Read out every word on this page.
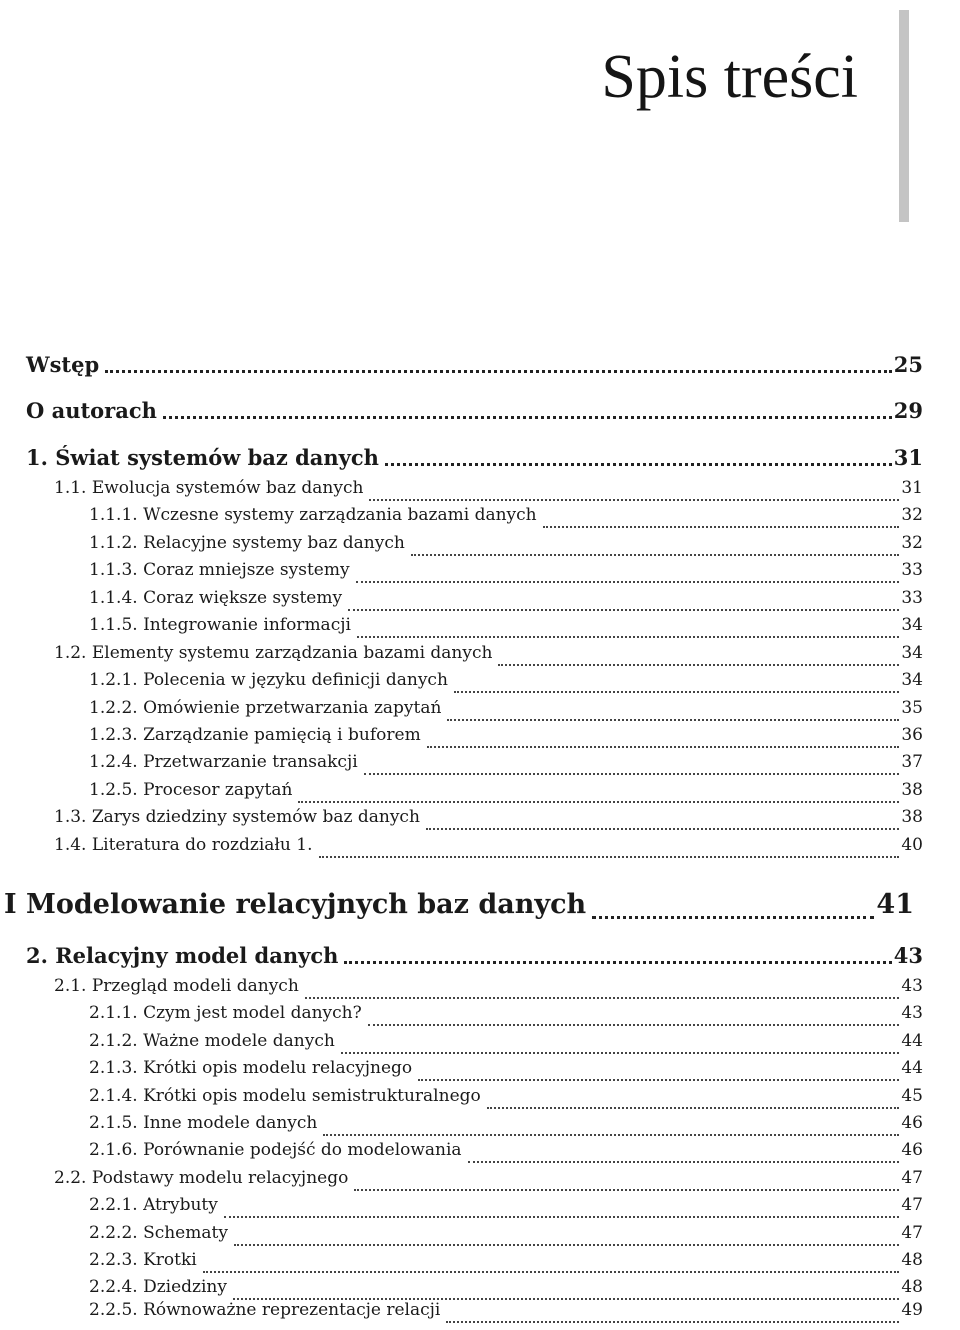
Spis treści
Wstęp	25
O autorach	29
1. Świat systemów baz danych	31
1.1. Ewolucja systemów baz danych	31
1.1.1. Wczesne systemy zarządzania bazami danych	32
1.1.2. Relacyjne systemy baz danych	32
1.1.3. Coraz mniejsze systemy	33
1.1.4. Coraz większe systemy	33
1.1.5. Integrowanie informacji	34
1.2. Elementy systemu zarządzania bazami danych	34
1.2.1. Polecenia w języku definicji danych	34
1.2.2. Omówienie przetwarzania zapytań	35
1.2.3. Zarządzanie pamięcią i buforem	36
1.2.4. Przetwarzanie transakcji	37
1.2.5. Procesor zapytań	38
1.3. Zarys dziedziny systemów baz danych	38
1.4. Literatura do rozdziału 1.	40
I Modelowanie relacyjnych baz danych	41
2. Relacyjny model danych	43
2.1. Przegląd modeli danych	43
2.1.1. Czym jest model danych?	43
2.1.2. Ważne modele danych	44
2.1.3. Krótki opis modelu relacyjnego	44
2.1.4. Krótki opis modelu semistrukturalnego	45
2.1.5. Inne modele danych	46
2.1.6. Porównanie podejść do modelowania	46
2.2. Podstawy modelu relacyjnego	47
2.2.1. Atrybuty	47
2.2.2. Schematy	47
2.2.3. Krotki	48
2.2.4. Dziedziny	48
2.2.5. Równoważne reprezentacje relacji	49
